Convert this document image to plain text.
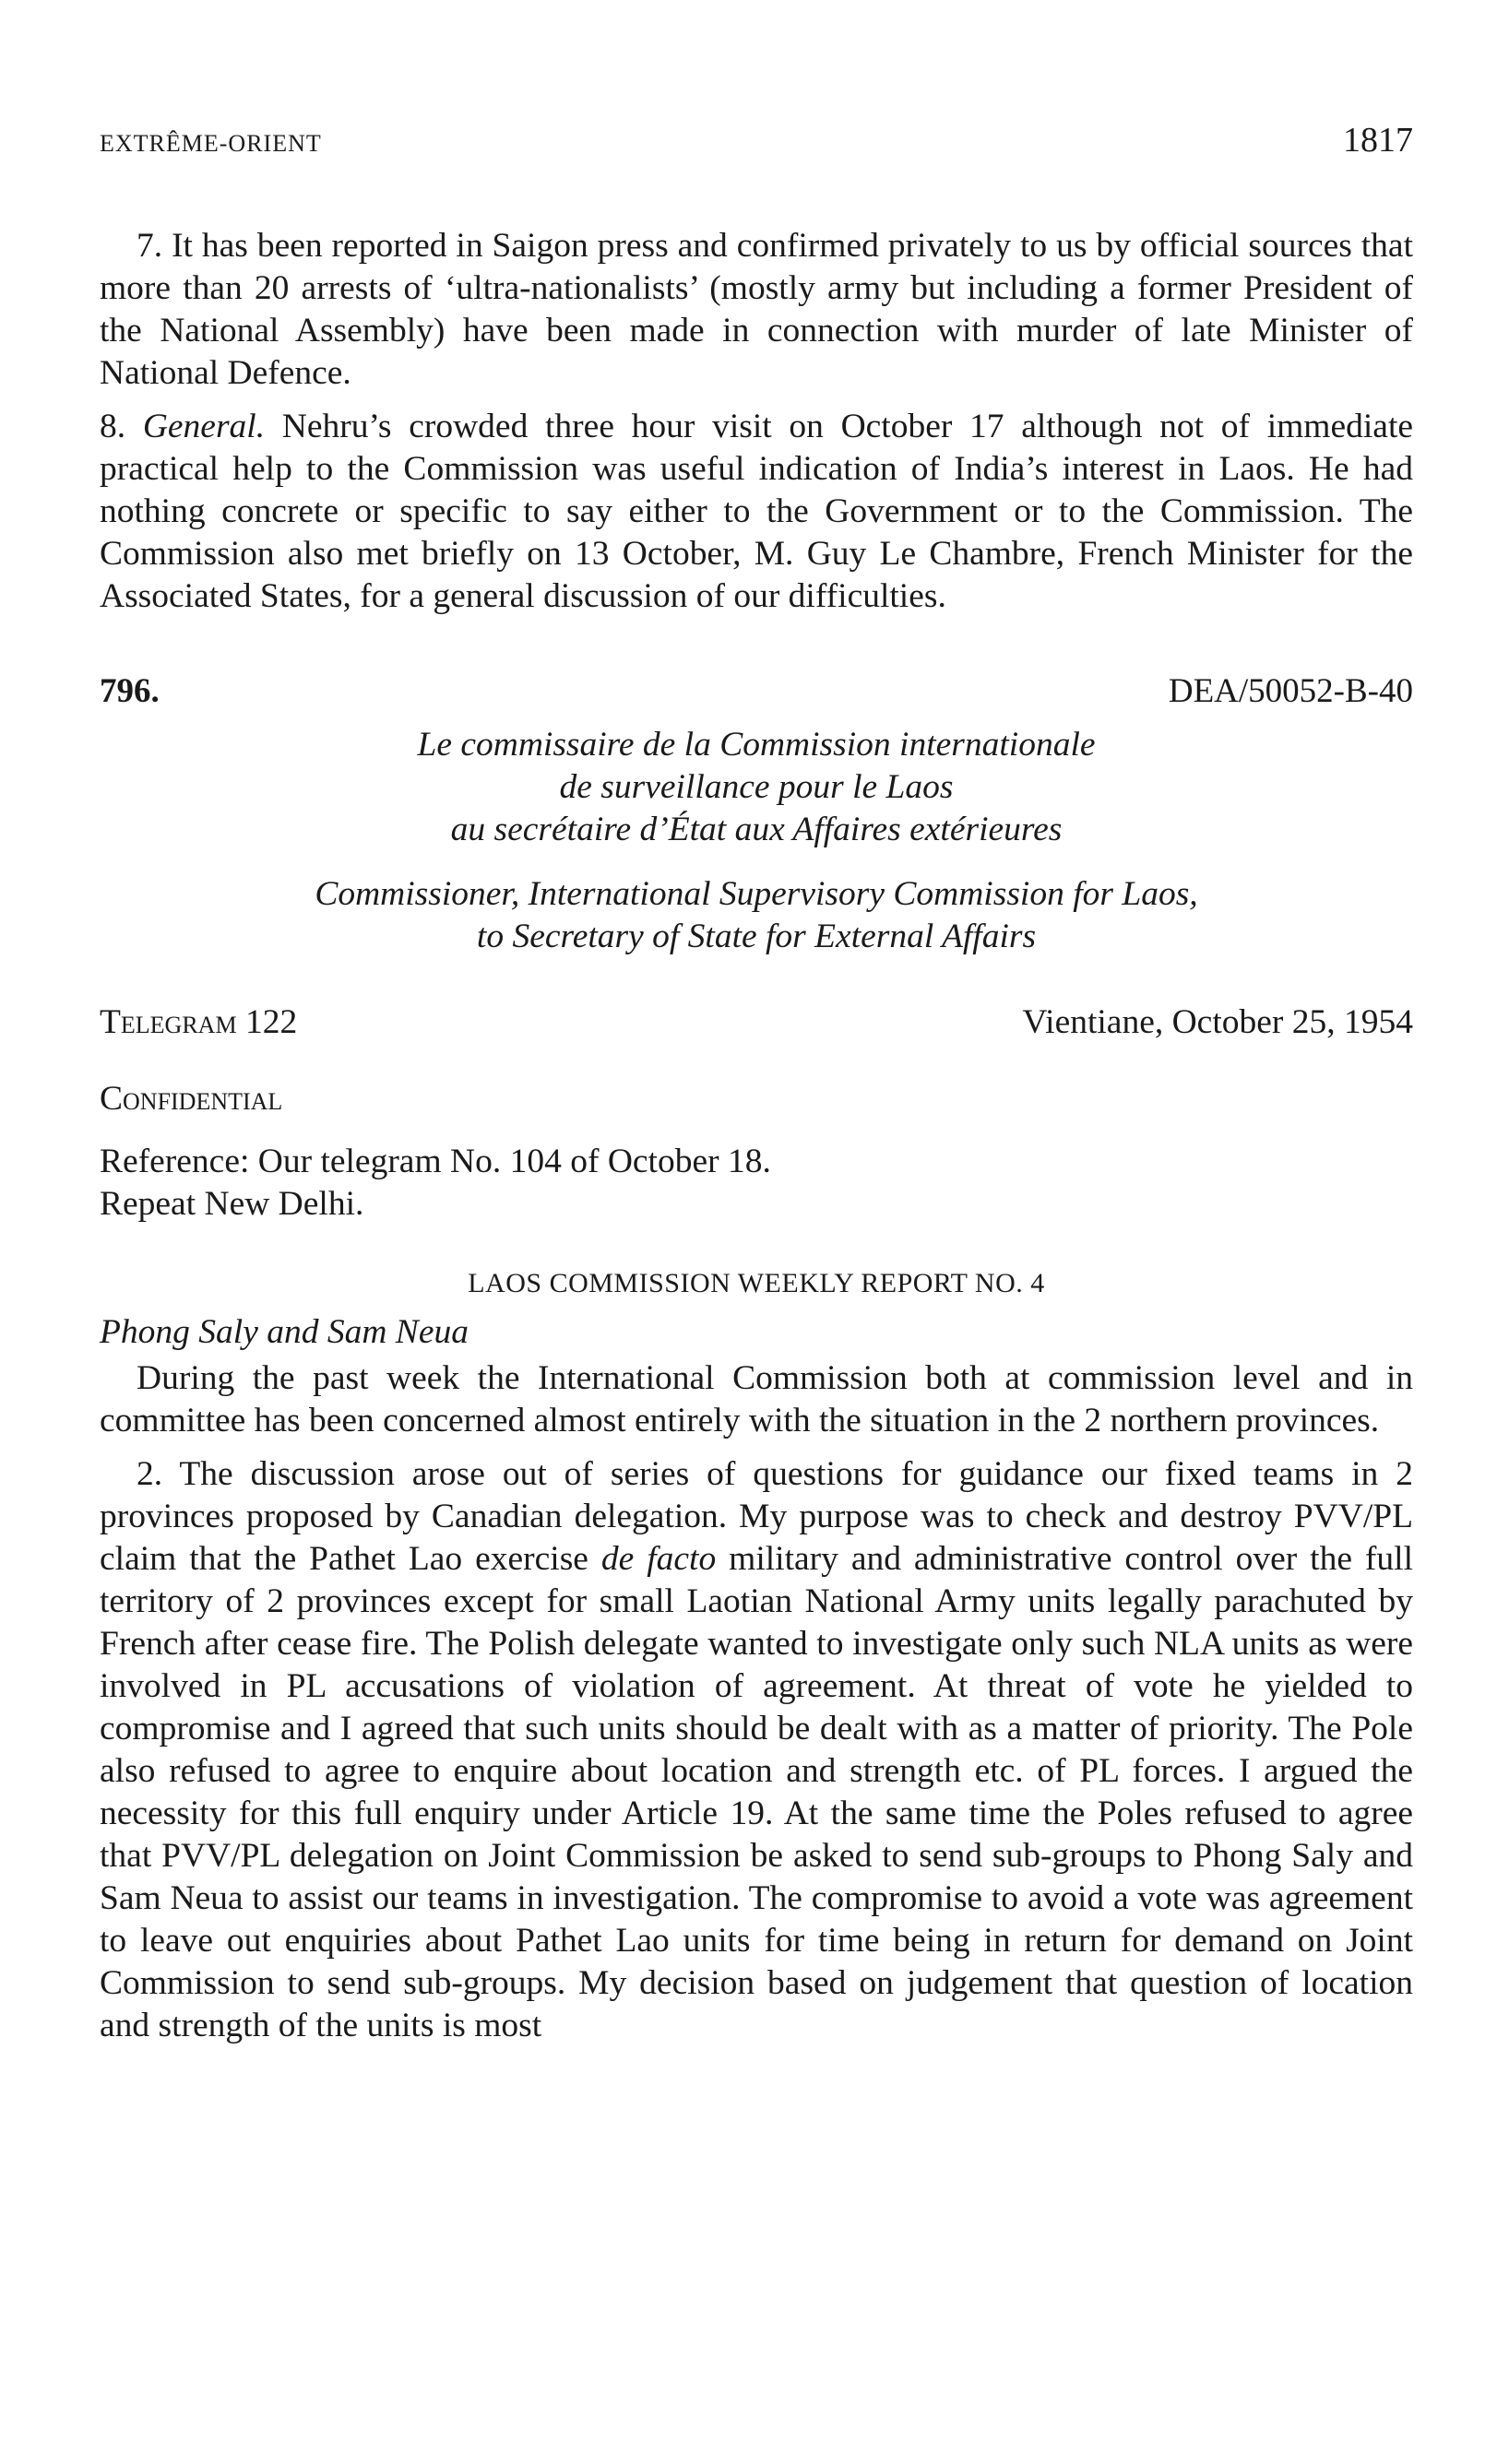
EXTRÊME-ORIENT	1817

7. It has been reported in Saigon press and confirmed privately to us by official sources that more than 20 arrests of ‘ultra-nationalists’ (mostly army but including a former President of the National Assembly) have been made in connection with murder of late Minister of National Defence.

8. General. Nehru’s crowded three hour visit on October 17 although not of immediate practical help to the Commission was useful indication of India’s interest in Laos. He had nothing concrete or specific to say either to the Government or to the Commission. The Commission also met briefly on 13 October, M. Guy Le Chambre, French Minister for the Associated States, for a general discussion of our difficulties.

796.	DEA/50052-B-40
Le commissaire de la Commission internationale
de surveillance pour le Laos
au secrétaire d’État aux Affaires extérieures
Commissioner, International Supervisory Commission for Laos,
to Secretary of State for External Affairs
Telegram 122	Vientiane, October 25, 1954
Confidential
Reference: Our telegram No. 104 of October 18.
Repeat New Delhi.
LAOS COMMISSION WEEKLY REPORT NO. 4
Phong Saly and Sam Neua

During the past week the International Commission both at commission level and in committee has been concerned almost entirely with the situation in the 2 northern provinces.

2. The discussion arose out of series of questions for guidance our fixed teams in 2 provinces proposed by Canadian delegation. My purpose was to check and destroy PVV/PL claim that the Pathet Lao exercise de facto military and administrative control over the full territory of 2 provinces except for small Laotian National Army units legally parachuted by French after cease fire. The Polish delegate wanted to investigate only such NLA units as were involved in PL accusations of violation of agreement. At threat of vote he yielded to compromise and I agreed that such units should be dealt with as a matter of priority. The Pole also refused to agree to enquire about location and strength etc. of PL forces. I argued the necessity for this full enquiry under Article 19. At the same time the Poles refused to agree that PVV/PL delegation on Joint Commission be asked to send sub-groups to Phong Saly and Sam Neua to assist our teams in investigation. The compromise to avoid a vote was agreement to leave out enquiries about Pathet Lao units for time being in return for demand on Joint Commission to send sub-groups. My decision based on judgement that question of location and strength of the units is most
